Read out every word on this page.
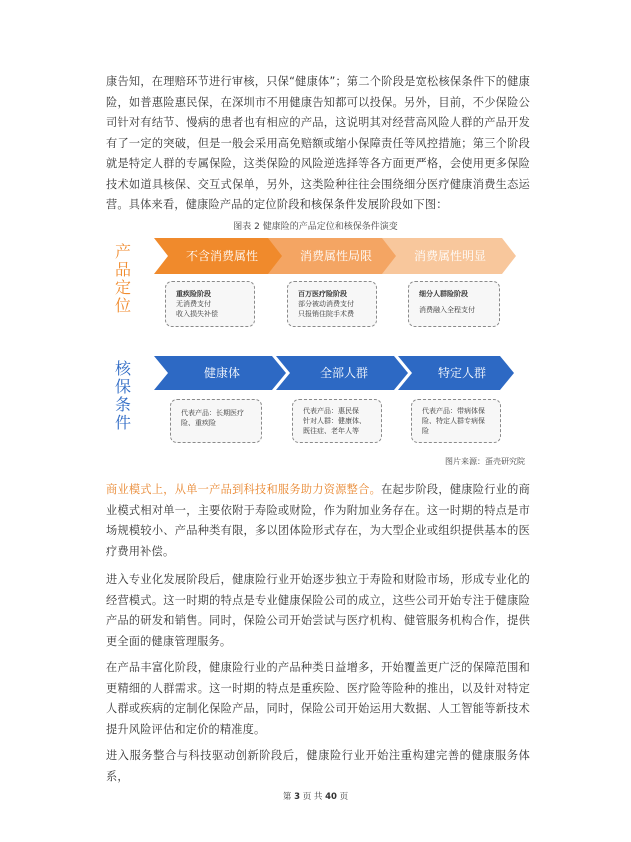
康告知，在理赔环节进行审核，只保“健康体”；第二个阶段是宽松核保条件下的健康险，如普惠险惠民保，在深圳市不用健康告知都可以投保。另外，目前，不少保险公司针对有结节、慢病的患者也有相应的产品，这说明其对经营高风险人群的产品开发有了一定的突破，但是一般会采用高免赔额或缩小保障责任等风控措施；第三个阶段就是特定人群的专属保险，这类保险的风险逆选择等各方面更严格，会使用更多保险技术如道具核保、交互式保单，另外，这类险种往往会围绕细分医疗健康消费生态运营。具体来看，健康险产品的定位阶段和核保条件发展阶段如下图：

图表 2 健康险的产品定位和核保条件演变

产品定位
不含消费属性	消费属性局限	消费属性明显
重疾险阶段
无消费支付
收入损失补偿
百万医疗险阶段
部分被动消费支付
只报销住院手术费
细分人群险阶段
消费融入全程支付
核保条件
健康体	全部人群	特定人群
代表产品：长期医疗
险、重疾险
代表产品：惠民保
针对人群：健康体、
既往症、老年人等
代表产品：带病体保
险、特定人群专病保
险

图片来源：蛋壳研究院

商业模式上，从单一产品到科技和服务助力资源整合。在起步阶段，健康险行业的商业模式相对单一，主要依附于寿险或财险，作为附加业务存在。这一时期的特点是市场规模较小、产品种类有限，多以团体险形式存在，为大型企业或组织提供基本的医疗费用补偿。

进入专业化发展阶段后，健康险行业开始逐步独立于寿险和财险市场，形成专业化的经营模式。这一时期的特点是专业健康保险公司的成立，这些公司开始专注于健康险产品的研发和销售。同时，保险公司开始尝试与医疗机构、健管服务机构合作，提供更全面的健康管理服务。

在产品丰富化阶段，健康险行业的产品种类日益增多，开始覆盖更广泛的保障范围和更精细的人群需求。这一时期的特点是重疾险、医疗险等险种的推出，以及针对特定人群或疾病的定制化保险产品，同时，保险公司开始运用大数据、人工智能等新技术提升风险评估和定价的精准度。

进入服务整合与科技驱动创新阶段后，健康险行业开始注重构建完善的健康服务体系，

第 3 页 共 40 页
